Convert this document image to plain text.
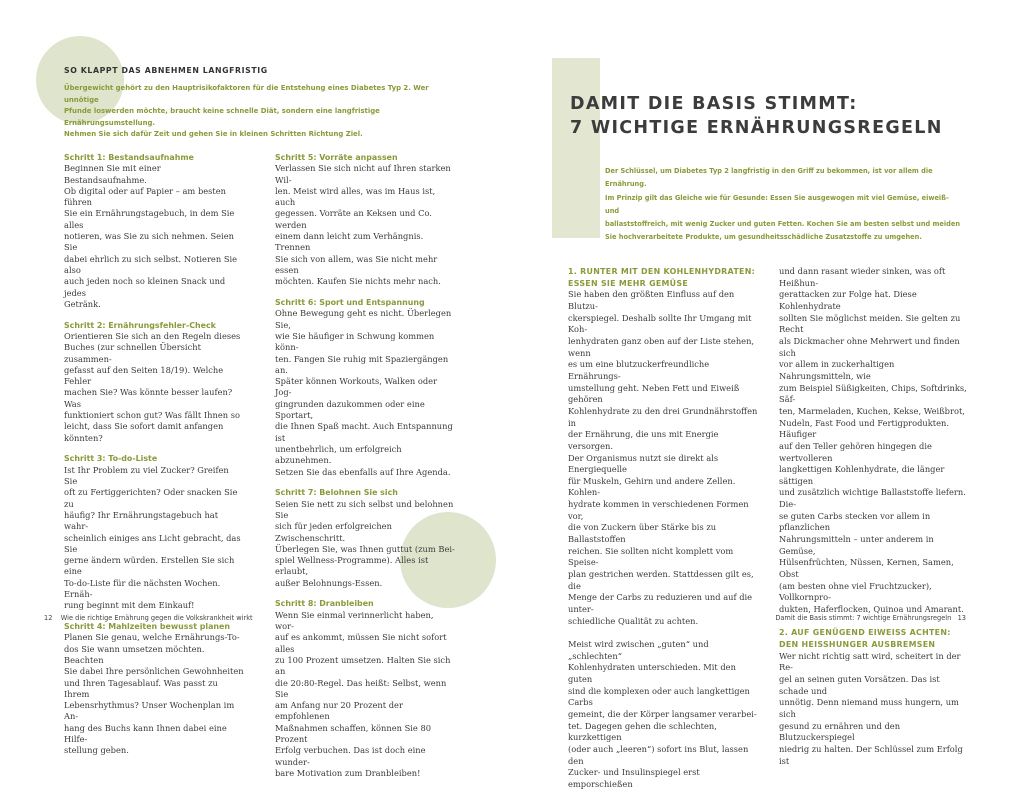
SO KLAPPT DAS ABNEHMEN LANGFRISTIG
Übergewicht gehört zu den Hauptrisikofaktoren für die Entstehung eines Diabetes Typ 2. Wer unnötige
Pfunde loswerden möchte, braucht keine schnelle Diät, sondern eine langfristige Ernährungsumstellung.
Nehmen Sie sich dafür Zeit und gehen Sie in kleinen Schritten Richtung Ziel.
Schritt 1: Bestandsaufnahme

Beginnen Sie mit einer Bestandsaufnahme.
Ob digital oder auf Papier – am besten führen
Sie ein Ernährungstagebuch, in dem Sie alles
notieren, was Sie zu sich nehmen. Seien Sie
dabei ehrlich zu sich selbst. Notieren Sie also
auch jeden noch so kleinen Snack und jedes
Getränk.

Schritt 2: Ernährungsfehler-Check

Orientieren Sie sich an den Regeln dieses
Buches (zur schnellen Übersicht zusammen-
gefasst auf den Seiten 18/19). Welche Fehler
machen Sie? Was könnte besser laufen? Was
funktioniert schon gut? Was fällt Ihnen so
leicht, dass Sie sofort damit anfangen könnten?

Schritt 3: To-do-Liste

Ist Ihr Problem zu viel Zucker? Greifen Sie
oft zu Fertiggerichten? Oder snacken Sie zu
häufig? Ihr Ernährungstagebuch hat wahr-
scheinlich einiges ans Licht gebracht, das Sie
gerne ändern würden. Erstellen Sie sich eine
To-do-Liste für die nächsten Wochen. Ernäh-
rung beginnt mit dem Einkauf!

Schritt 4: Mahlzeiten bewusst planen

Planen Sie genau, welche Ernährungs-To-
dos Sie wann umsetzen möchten. Beachten
Sie dabei Ihre persönlichen Gewohnheiten
und Ihren Tagesablauf. Was passt zu Ihrem
Lebensrhythmus? Unser Wochenplan im An-
hang des Buchs kann Ihnen dabei eine Hilfe-
stellung geben.

Schritt 5: Vorräte anpassen

Verlassen Sie sich nicht auf Ihren starken Wil-
len. Meist wird alles, was im Haus ist, auch
gegessen. Vorräte an Keksen und Co. werden
einem dann leicht zum Verhängnis. Trennen
Sie sich von allem, was Sie nicht mehr essen
möchten. Kaufen Sie nichts mehr nach.

Schritt 6: Sport und Entspannung

Ohne Bewegung geht es nicht. Überlegen Sie,
wie Sie häufiger in Schwung kommen könn-
ten. Fangen Sie ruhig mit Spaziergängen an.
Später können Workouts, Walken oder Jog-
gingrunden dazukommen oder eine Sportart,
die Ihnen Spaß macht. Auch Entspannung ist
unentbehrlich, um erfolgreich abzunehmen.
Setzen Sie das ebenfalls auf Ihre Agenda.

Schritt 7: Belohnen Sie sich

Seien Sie nett zu sich selbst und belohnen Sie
sich für jeden erfolgreichen Zwischenschritt.
Überlegen Sie, was Ihnen guttut (zum Bei-
spiel Wellness-Programme). Alles ist erlaubt,
außer Belohnungs-Essen.

Schritt 8: Dranbleiben

Wenn Sie einmal verinnerlicht haben, wor-
auf es ankommt, müssen Sie nicht sofort alles
zu 100 Prozent umsetzen. Halten Sie sich an
die 20:80-Regel. Das heißt: Selbst, wenn Sie
am Anfang nur 20 Prozent der empfohlenen
Maßnahmen schaffen, können Sie 80 Prozent
Erfolg verbuchen. Das ist doch eine wunder-
bare Motivation zum Dranbleiben!

12 Wie die richtige Ernährung gegen die Volkskrankheit wirkt
DAMIT DIE BASIS STIMMT:
7 WICHTIGE ERNÄHRUNGSREGELN
Der Schlüssel, um Diabetes Typ 2 langfristig in den Griff zu bekommen, ist vor allem die Ernährung.
Im Prinzip gilt das Gleiche wie für Gesunde: Essen Sie ausgewogen mit viel Gemüse, eiweiß- und
ballaststoffreich, mit wenig Zucker und guten Fetten. Kochen Sie am besten selbst und meiden
Sie hochverarbeitete Produkte, um gesundheitsschädliche Zusatzstoffe zu umgehen.
1. RUNTER MIT DEN KOHLENHYDRATEN:
ESSEN SIE MEHR GEMÜSE

Sie haben den größten Einfluss auf den Blutzu-
ckerspiegel. Deshalb sollte Ihr Umgang mit Koh-
lenhydraten ganz oben auf der Liste stehen, wenn
es um eine blutzuckerfreundliche Ernährungs-
umstellung geht. Neben Fett und Eiweiß gehören
Kohlenhydrate zu den drei Grundnährstoffen in
der Ernährung, die uns mit Energie versorgen.
Der Organismus nutzt sie direkt als Energiequelle
für Muskeln, Gehirn und andere Zellen. Kohlen-
hydrate kommen in verschiedenen Formen vor,
die von Zuckern über Stärke bis zu Ballaststoffen
reichen. Sie sollten nicht komplett vom Speise-
plan gestrichen werden. Stattdessen gilt es, die
Menge der Carbs zu reduzieren und auf die unter-
schiedliche Qualität zu achten.

Meist wird zwischen „guten“ und „schlechten“
Kohlenhydraten unterschieden. Mit den guten
sind die komplexen oder auch langkettigen Carbs
gemeint, die der Körper langsamer verarbei-
tet. Dagegen gehen die schlechten, kurzkettigen
(oder auch „leeren“) sofort ins Blut, lassen den
Zucker- und Insulinspiegel erst emporschießen

und dann rasant wieder sinken, was oft Heißhun-
gerattacken zur Folge hat. Diese Kohlenhydrate
sollten Sie möglichst meiden. Sie gelten zu Recht
als Dickmacher ohne Mehrwert und finden sich
vor allem in zuckerhaltigen Nahrungsmitteln, wie
zum Beispiel Süßigkeiten, Chips, Softdrinks, Säf-
ten, Marmeladen, Kuchen, Kekse, Weißbrot,
Nudeln, Fast Food und Fertigprodukten. Häufiger
auf den Teller gehören hingegen die wertvolleren
langkettigen Kohlenhydrate, die länger sättigen
und zusätzlich wichtige Ballaststoffe liefern. Die-
se guten Carbs stecken vor allem in pflanzlichen
Nahrungsmitteln – unter anderem in Gemüse,
Hülsenfrüchten, Nüssen, Kernen, Samen, Obst
(am besten ohne viel Fruchtzucker), Vollkornpro-
dukten, Haferflocken, Quinoa und Amarant.

2. AUF GENÜGEND EIWEISS ACHTEN:
DEN HEISSHUNGER AUSBREMSEN

Wer nicht richtig satt wird, scheitert in der Re-
gel an seinen guten Vorsätzen. Das ist schade und
unnötig. Denn niemand muss hungern, um sich
gesund zu ernähren und den Blutzuckerspiegel
niedrig zu halten. Der Schlüssel zum Erfolg ist

Damit die Basis stimmt: 7 wichtige Ernährungsregeln 13
